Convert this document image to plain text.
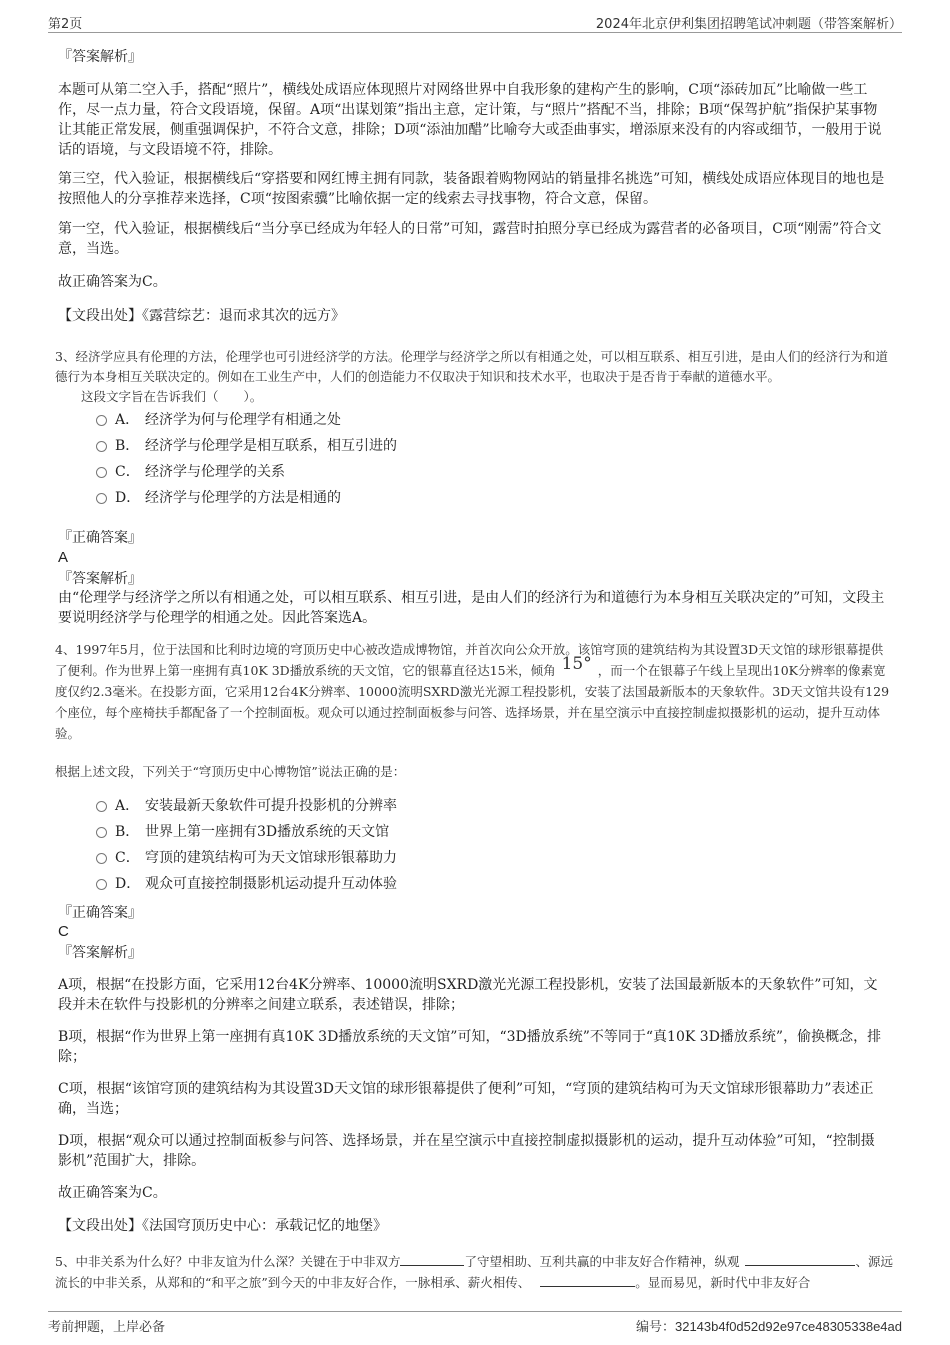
第2页	2024年北京伊利集团招聘笔试冲刺题（带答案解析）
『答案解析』
本题可从第二空入手，搭配“照片”，横线处成语应体现照片对网络世界中自我形象的建构产生的影响，C项“添砖加瓦”比喻做一些工作，尽一点力量，符合文段语境，保留。A项“出谋划策”指出主意，定计策，与“照片”搭配不当，排除；B项“保驾护航”指保护某事物让其能正常发展，侧重强调保护，不符合文意，排除；D项“添油加醋”比喻夸大或歪曲事实，增添原来没有的内容或细节，一般用于说话的语境，与文段语境不符，排除。
第三空，代入验证，根据横线后“穿搭要和网红博主拥有同款，装备跟着购物网站的销量排名挑选”可知，横线处成语应体现目的地也是按照他人的分享推荐来选择，C项“按图索骥”比喻依据一定的线索去寻找事物，符合文意，保留。
第一空，代入验证，根据横线后“当分享已经成为年轻人的日常”可知，露营时拍照分享已经成为露营者的必备项目，C项“刚需”符合文意，当选。
故正确答案为C。
【文段出处】《露营综艺：退而求其次的远方》
3、经济学应具有伦理的方法，伦理学也可引进经济学的方法。伦理学与经济学之所以有相通之处，可以相互联系、相互引进，是由人们的经济行为和道德行为本身相互关联决定的。例如在工业生产中，人们的创造能力不仅取决于知识和技术水平，也取决于是否肯于奉献的道德水平。
这段文字旨在告诉我们（　　）。
A． 经济学为何与伦理学有相通之处
B． 经济学与伦理学是相互联系，相互引进的
C． 经济学与伦理学的关系
D． 经济学与伦理学的方法是相通的
『正确答案』
A
『答案解析』
由“伦理学与经济学之所以有相通之处，可以相互联系、相互引进，是由人们的经济行为和道德行为本身相互关联决定的”可知，文段主要说明经济学与伦理学的相通之处。因此答案选A。
4、1997年5月，位于法国和比利时边境的穹顶历史中心被改造成博物馆，并首次向公众开放。该馆穹顶的建筑结构为其设置3D天文馆的球形银幕提供了便利。作为世界上第一座拥有真10K 3D播放系统的天文馆，它的银幕直径达15米，倾角 15° ，而一个在银幕子午线上呈现出10K分辨率的像素宽度仅约2.3毫米。在投影方面，它采用12台4K分辨率、10000流明SXRD激光光源工程投影机，安装了法国最新版本的天象软件。3D天文馆共设有129个座位，每个座椅扶手都配备了一个控制面板。观众可以通过控制面板参与问答、选择场景，并在星空演示中直接控制虚拟摄影机的运动，提升互动体验。
根据上述文段，下列关于“穹顶历史中心博物馆”说法正确的是：
A． 安装最新天象软件可提升投影机的分辨率
B． 世界上第一座拥有3D播放系统的天文馆
C． 穹顶的建筑结构可为天文馆球形银幕助力
D． 观众可直接控制摄影机运动提升互动体验
『正确答案』
C
『答案解析』
A项，根据“在投影方面，它采用12台4K分辨率、10000流明SXRD激光光源工程投影机，安装了法国最新版本的天象软件”可知，文段并未在软件与投影机的分辨率之间建立联系，表述错误，排除；
B项，根据“作为世界上第一座拥有真10K 3D播放系统的天文馆”可知，“3D播放系统”不等同于“真10K 3D播放系统”，偷换概念，排除；
C项，根据“该馆穹顶的建筑结构为其设置3D天文馆的球形银幕提供了便利”可知，“穹顶的建筑结构可为天文馆球形银幕助力”表述正确，当选；
D项，根据“观众可以通过控制面板参与问答、选择场景，并在星空演示中直接控制虚拟摄影机的运动，提升互动体验”可知，“控制摄影机”范围扩大，排除。
故正确答案为C。
【文段出处】《法国穹顶历史中心：承载记忆的地堡》
5、中非关系为什么好？中非友谊为什么深？关键在于中非双方	了守望相助、互利共赢的中非友好合作精神，纵观	、源远流长的中非关系，从郑和的“和平之旅”到今天的中非友好合作，一脉相承、薪火相传、	。显而易见，新时代中非友好合
考前押题，上岸必备	编号：32143b4f0d52d92e97ce48305338e4ad
